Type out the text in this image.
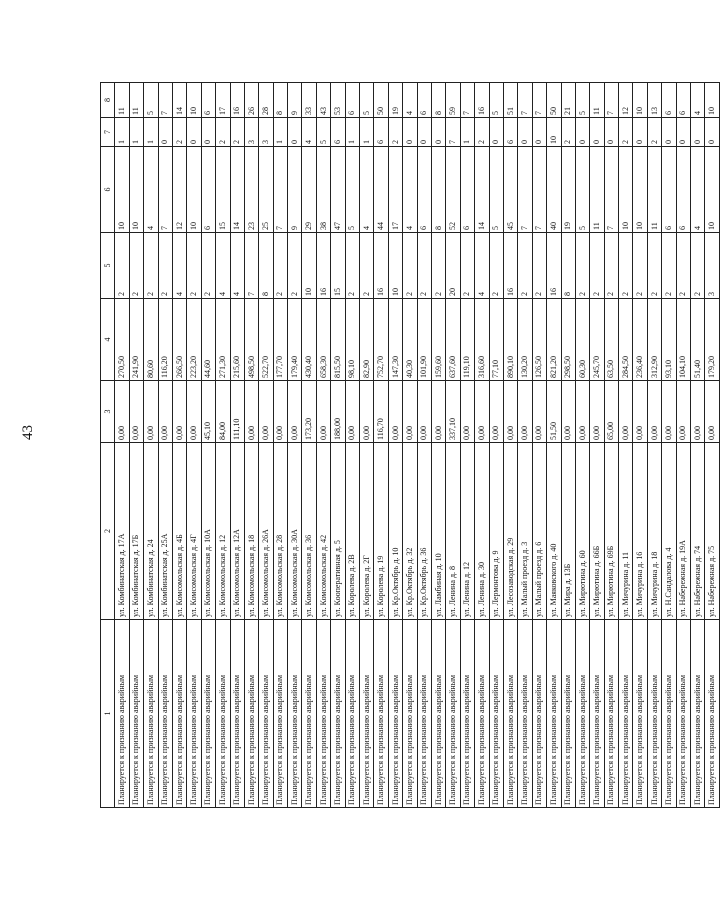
43
1	2	3	4	5	6	7	8
Планируется к признанию аварийным	ул. Комбинатская д. 17А	0,00	270,50	2	10	1	11
Планируется к признанию аварийным	ул. Комбинатская д. 17Б	0,00	241,90	2	10	1	11
Планируется к признанию аварийным	ул. Комбинатская д. 24	0,00	80,60	2	4	1	5
Планируется к признанию аварийным	ул. Комбинатская д. 25А	0,00	116,20	2	7	0	7
Планируется к признанию аварийным	ул. Комсомольская д. 4Б	0,00	266,50	4	12	2	14
Планируется к признанию аварийным	ул. Комсомольская д. 4Г	0,00	223,20	2	10	0	10
Планируется к признанию аварийным	ул. Комсомольская д. 10А	45,10	44,60	2	6	0	6
Планируется к признанию аварийным	ул. Комсомольская д. 12	84,00	271,30	4	15	2	17
Планируется к признанию аварийным	ул. Комсомольская д. 12А	111,10	215,60	4	14	2	16
Планируется к признанию аварийным	ул. Комсомольская д. 18	0,00	498,50	7	23	3	26
Планируется к признанию аварийным	ул. Комсомольская д. 26А	0,00	522,70	8	25	3	28
Планируется к признанию аварийным	ул. Комсомольская д. 28	0,00	177,70	2	7	1	8
Планируется к признанию аварийным	ул. Комсомольская д. 30А	0,00	179,40	2	9	0	9
Планируется к признанию аварийным	ул. Комсомольская д. 36	173,20	430,40	10	29	4	33
Планируется к признанию аварийным	ул. Комсомольская д. 42	0,00	658,30	16	38	5	43
Планируется к признанию аварийным	ул. Кооперативная д. 5	188,00	815,50	15	47	6	53
Планируется к признанию аварийным	ул. Королева д. 2В	0,00	98,10	2	5	1	6
Планируется к признанию аварийным	ул. Королева д. 2Г	0,00	82,90	2	4	1	5
Планируется к признанию аварийным	ул. Королева д. 19	116,70	752,70	16	44	6	50
Планируется к признанию аварийным	ул. Кр.Октябрь д. 10	0,00	147,30	10	17	2	19
Планируется к признанию аварийным	ул. Кр.Октябрь д. 32	0,00	40,30	2	4	0	4
Планируется к признанию аварийным	ул. Кр.Октябрь д. 36	0,00	101,90	2	6	0	6
Планируется к признанию аварийным	ул. Ламбиная д. 10	0,00	159,60	2	8	0	8
Планируется к признанию аварийным	ул. Ленина д. 8	337,10	637,60	20	52	7	59
Планируется к признанию аварийным	ул. Ленина д. 12	0,00	119,10	2	6	1	7
Планируется к признанию аварийным	ул. Ленина д. 30	0,00	316,60	4	14	2	16
Планируется к признанию аварийным	ул. Лермонтова д. 9	0,00	77,10	2	5	0	5
Планируется к признанию аварийным	ул. Лесозаводская д. 29	0,00	890,10	16	45	6	51
Планируется к признанию аварийным	ул. Малый проезд д. 3	0,00	130,20	2	7	0	7
Планируется к признанию аварийным	ул. Малый проезд д. 6	0,00	126,50	2	7	0	7
Планируется к признанию аварийным	ул. Маяковского д. 40	51,50	821,20	16	40	10	50
Планируется к признанию аварийным	ул. Мира д. 13Б	0,00	298,50	8	19	2	21
Планируется к признанию аварийным	ул. Мирютина д. 60	0,00	60,30	2	5	0	5
Планируется к признанию аварийным	ул. Мирютина д. 66Б	0,00	245,70	2	11	0	11
Планируется к признанию аварийным	ул. Мирютина д. 69Б	65,00	63,50	2	7	0	7
Планируется к признанию аварийным	ул. Мичурина д. 11	0,00	284,50	2	10	2	12
Планируется к признанию аварийным	ул. Мичурина д. 16	0,00	236,40	2	10	0	10
Планируется к признанию аварийным	ул. Мичурина д. 18	0,00	312,90	2	11	2	13
Планируется к признанию аварийным	ул. Н.Сандалова д. 4	0,00	93,10	2	6	0	6
Планируется к признанию аварийным	ул. Набережная д. 19А	0,00	104,10	2	6	0	6
Планируется к признанию аварийным	ул. Набережная д. 74	0,00	51,40	2	4	0	4
Планируется к признанию аварийным	ул. Набережная д. 75	0,00	179,20	3	10	0	10
